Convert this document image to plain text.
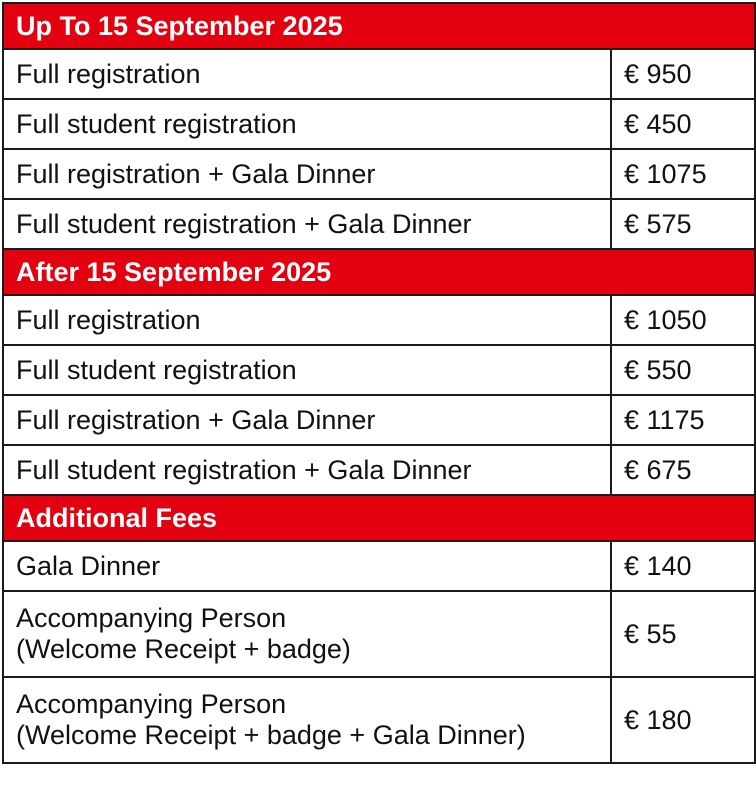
Up To 15 September 2025	
Full registration	€ 950
Full student registration	€ 450
Full registration + Gala Dinner	€ 1075
Full student registration + Gala Dinner	€ 575
After 15 September 2025	
Full registration	€ 1050
Full student registration	€ 550
Full registration + Gala Dinner	€ 1175
Full student registration + Gala Dinner	€ 675
Additional Fees	
Gala Dinner	€ 140

Accompanying Person
(Welcome Receipt + badge)	€ 55

Accompanying Person
(Welcome Receipt + badge + Gala Dinner)	€ 180
